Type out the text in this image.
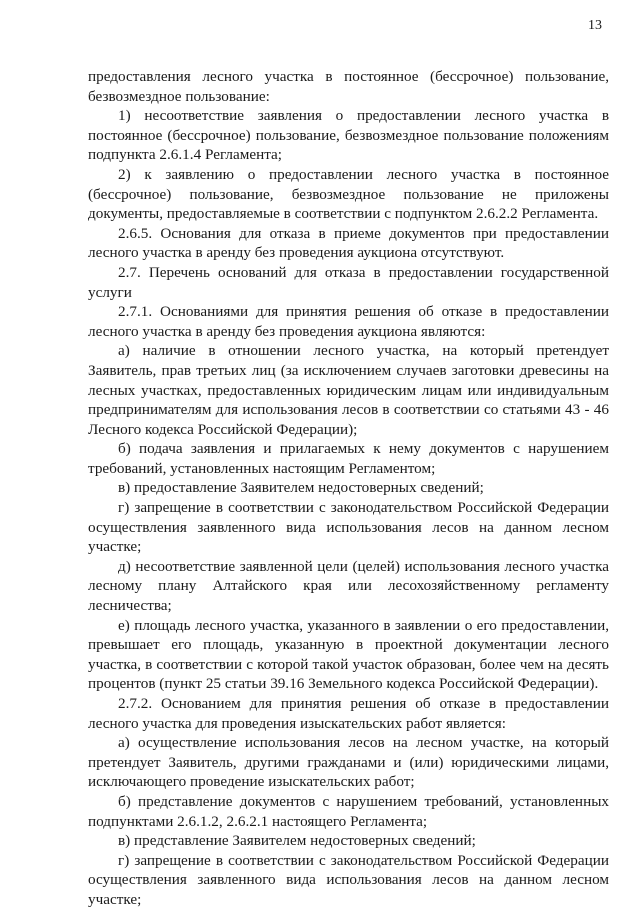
13

предоставления лесного участка в постоянное (бессрочное) пользование, безвозмездное пользование:

1) несоответствие заявления о предоставлении лесного участка в постоянное (бессрочное) пользование, безвозмездное пользование положениям подпункта 2.6.1.4 Регламента;

2) к заявлению о предоставлении лесного участка в постоянное (бессрочное) пользование, безвозмездное пользование не приложены документы, предоставляемые в соответствии с подпунктом 2.6.2.2 Регламента.

2.6.5. Основания для отказа в приеме документов при предоставлении лесного участка в аренду без проведения аукциона отсутствуют.

2.7. Перечень оснований для отказа в предоставлении государственной услуги

2.7.1. Основаниями для принятия решения об отказе в предоставлении лесного участка в аренду без проведения аукциона являются:

а) наличие в отношении лесного участка, на который претендует Заявитель, прав третьих лиц (за исключением случаев заготовки древесины на лесных участках, предоставленных юридическим лицам или индивидуальным предпринимателям для использования лесов в соответствии со статьями 43 - 46 Лесного кодекса Российской Федерации);

б) подача заявления и прилагаемых к нему документов с нарушением требований, установленных настоящим Регламентом;

в) предоставление Заявителем недостоверных сведений;

г) запрещение в соответствии с законодательством Российской Федерации осуществления заявленного вида использования лесов на данном лесном участке;

д) несоответствие заявленной цели (целей) использования лесного участка лесному плану Алтайского края или лесохозяйственному регламенту лесничества;

е) площадь лесного участка, указанного в заявлении о его предоставлении, превышает его площадь, указанную в проектной документации лесного участка, в соответствии с которой такой участок образован, более чем на десять процентов (пункт 25 статьи 39.16 Земельного кодекса Российской Федерации).

2.7.2. Основанием для принятия решения об отказе в предоставлении лесного участка для проведения изыскательских работ является:

а) осуществление использования лесов на лесном участке, на который претендует Заявитель, другими гражданами и (или) юридическими лицами, исключающего проведение изыскательских работ;

б) представление документов с нарушением требований, установленных подпунктами 2.6.1.2, 2.6.2.1 настоящего Регламента;

в) представление Заявителем недостоверных сведений;

г) запрещение в соответствии с законодательством Российской Федерации осуществления заявленного вида использования лесов на данном лесном участке;
